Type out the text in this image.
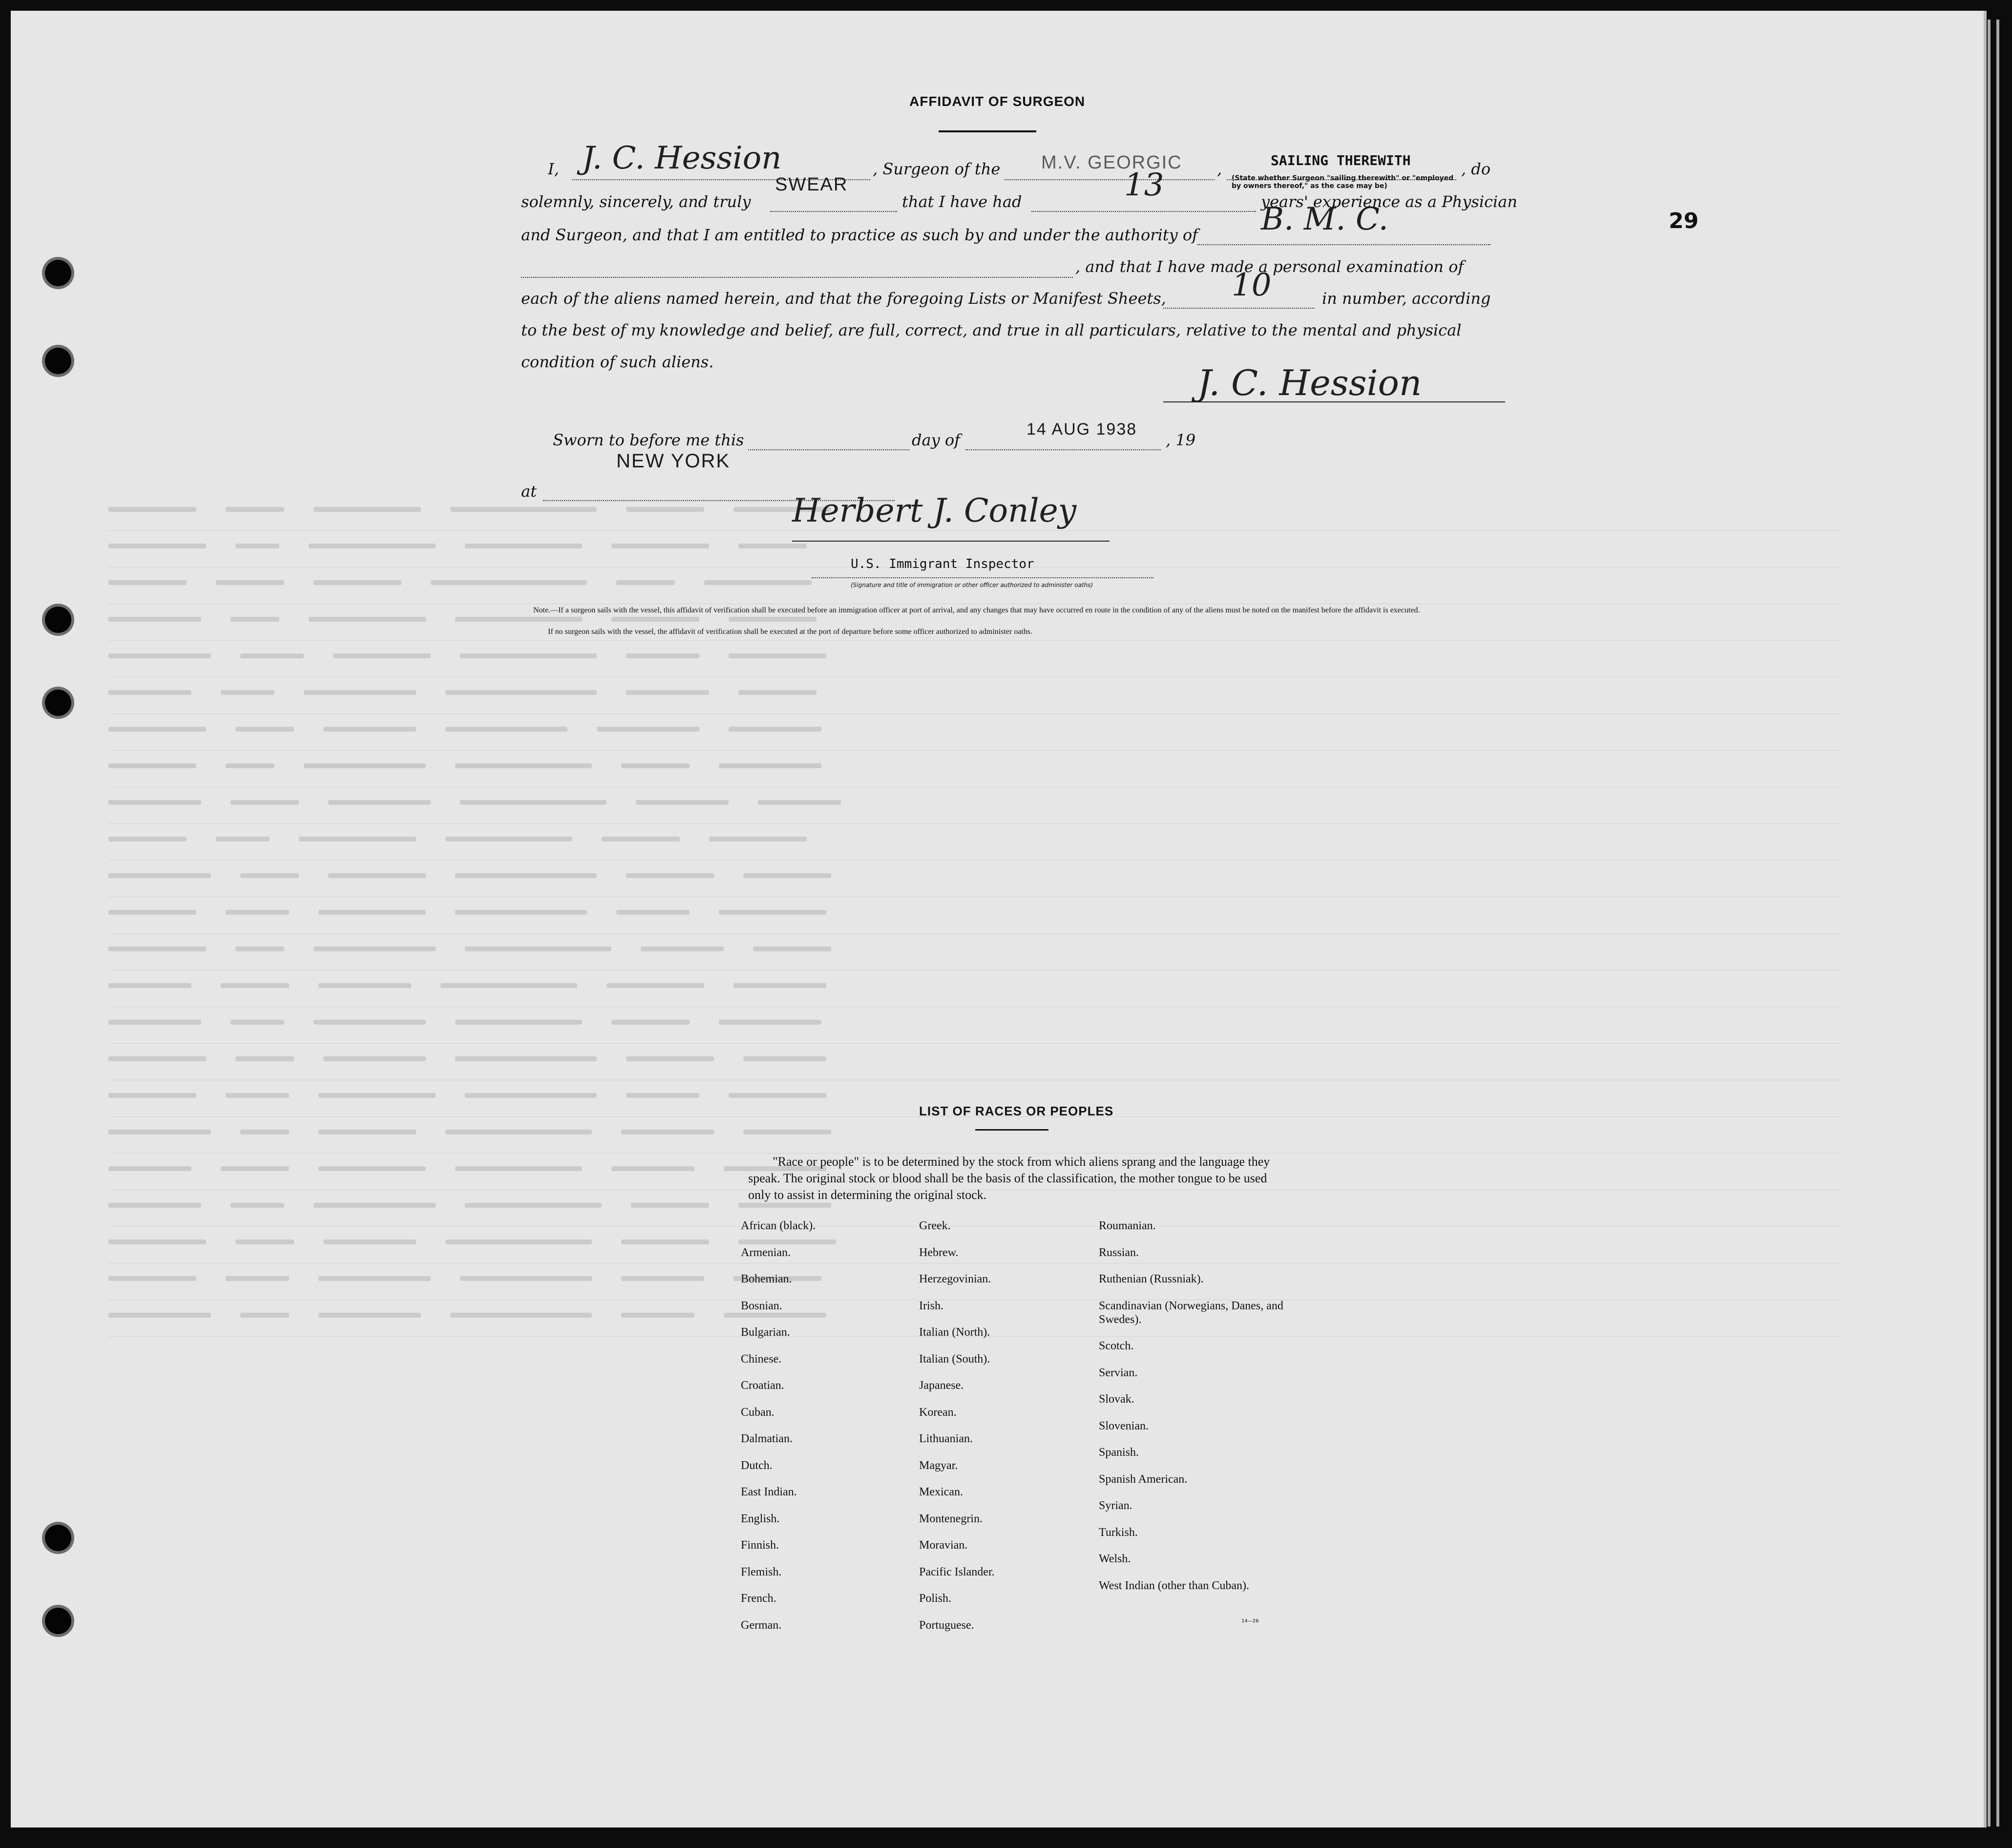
29
AFFIDAVIT OF SURGEON
I, J. C. Hession	, Surgeon of the M.V. GEORGIC ,	SAILING THEREWITH
(State whether Surgeon "sailing therewith" or "employed by owners thereof," as the case may be)
, do
solemnly, sincerely, and truly
SWEAR
that I have had	13	years' experience as a Physician
and Surgeon, and that I am entitled to practice as such by and under the authority of B. M. C.
, and that I have made a personal examination of
each of the aliens named herein, and that the foregoing Lists or Manifest Sheets, 10	in number, according
to the best of my knowledge and belief, are full, correct, and true in all particulars, relative to the mental and physical
condition of such aliens.
J. C. Hession
Sworn to before me this	day of
14 AUG 1938
, 19
at
NEW YORK
Herbert J. Conley
U.S. Immigrant Inspector
(Signature and title of immigration or other officer authorized to administer oaths)
Note.—If a surgeon sails with the vessel, this affidavit of verification shall be executed before an immigration officer at port of arrival, and any changes that may have occurred en route in the condition of any of the aliens must be noted on the manifest before the affidavit is executed.
If no surgeon sails with the vessel, the affidavit of verification shall be executed at the port of departure before some officer authorized to administer oaths.
LIST OF RACES OR PEOPLES
"Race or people" is to be determined by the stock from which aliens sprang and the language they speak. The original stock or blood shall be the basis of the classification, the mother tongue to be used only to assist in determining the original stock.
14—26
African (black).
Armenian.
Bohemian.
Bosnian.
Bulgarian.
Chinese.
Croatian.
Cuban.
Dalmatian.
Dutch.
East Indian.
English.
Finnish.
Flemish.
French.
German.
Greek.
Hebrew.
Herzegovinian.
Irish.
Italian (North).
Italian (South).
Japanese.
Korean.
Lithuanian.
Magyar.
Mexican.
Montenegrin.
Moravian.
Pacific Islander.
Polish.
Portuguese.
Roumanian.
Russian.
Ruthenian (Russniak).
Scandinavian (Norwegians, Danes, and Swedes).
Scotch.
Servian.
Slovak.
Slovenian.
Spanish.
Spanish American.
Syrian.
Turkish.
Welsh.
West Indian (other than Cuban).
